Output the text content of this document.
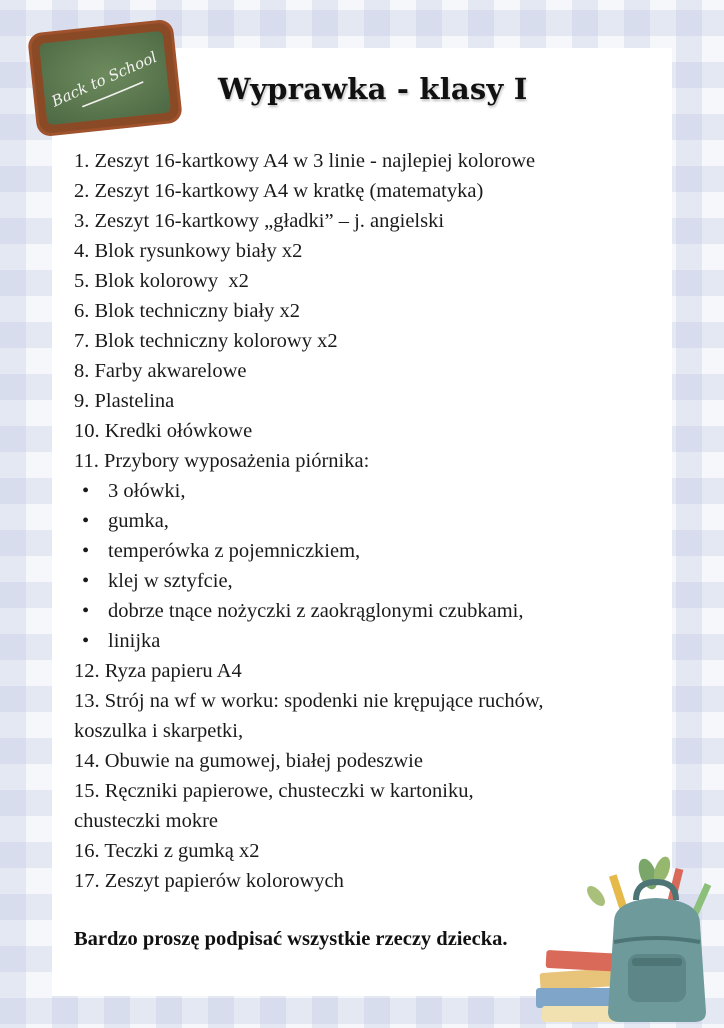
Back to School Wyprawka - klasy I
1. Zeszyt 16-kartkowy A4 w 3 linie - najlepiej kolorowe
2. Zeszyt 16-kartkowy A4 w kratkę (matematyka)
3. Zeszyt 16-kartkowy „gładki” – j. angielski
4. Blok rysunkowy biały x2
5. Blok kolorowy  x2
6. Blok techniczny biały x2
7. Blok techniczny kolorowy x2
8. Farby akwarelowe
9. Plastelina
10. Kredki ołówkowe
11. Przybory wyposażenia piórnika:
• 3 ołówki,
• gumka,
• temperówka z pojemniczkiem,
• klej w sztyfcie,
• dobrze tnące nożyczki z zaokrąglonymi czubkami,
• linijka
12. Ryza papieru A4
13. Strój na wf w worku: spodenki nie krępujące ruchów,
koszulka i skarpetki,
14. Obuwie na gumowej, białej podeszwie
15. Ręczniki papierowe, chusteczki w kartoniku,
chusteczki mokre
16. Teczki z gumką x2
17. Zeszyt papierów kolorowych
Bardzo proszę podpisać wszystkie rzeczy dziecka.
